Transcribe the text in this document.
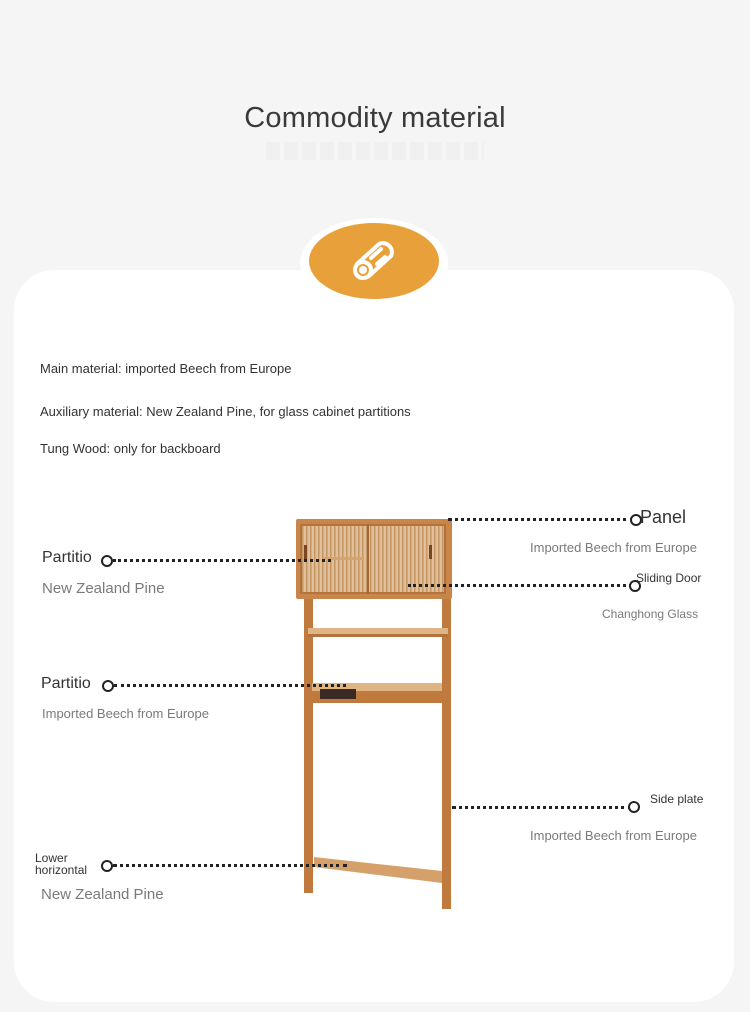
Commodity material
Main material: imported Beech from Europe
Auxiliary material: New Zealand Pine, for glass cabinet partitions
Tung Wood: only for backboard
Panel
Imported Beech from Europe
Sliding Door
Changhong Glass
Side plate
Imported Beech from Europe
Partitio
New Zealand Pine
Partitio
Imported Beech from Europe
Lower
horizontal
New Zealand Pine
